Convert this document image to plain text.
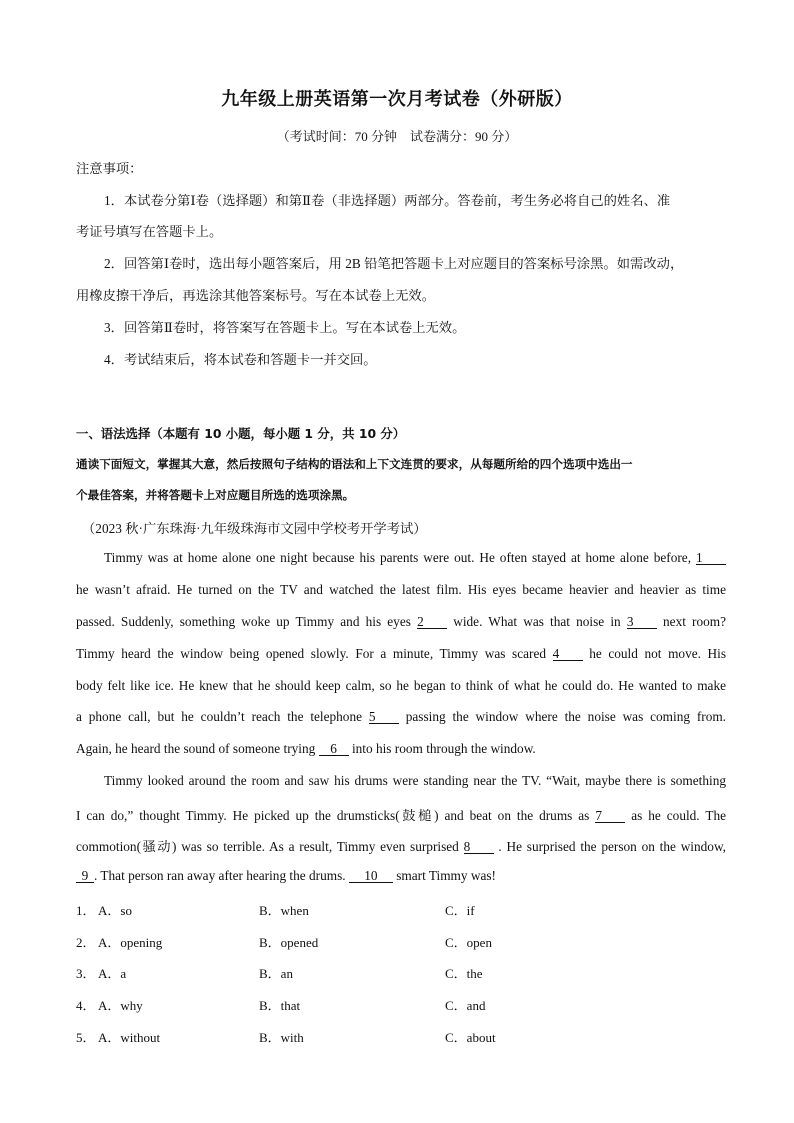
九年级上册英语第一次月考试卷（外研版）
（考试时间：70 分钟　试卷满分：90 分）
注意事项：
1．本试卷分第Ⅰ卷（选择题）和第Ⅱ卷（非选择题）两部分。答卷前，考生务必将自己的姓名、准
考证号填写在答题卡上。
2．回答第Ⅰ卷时，选出每小题答案后，用 2B 铅笔把答题卡上对应题目的答案标号涂黑。如需改动，
用橡皮擦干净后，再选涂其他答案标号。写在本试卷上无效。
3．回答第Ⅱ卷时，将答案写在答题卡上。写在本试卷上无效。
4．考试结束后，将本试卷和答题卡一并交回。
一、语法选择（本题有 10 小题，每小题 1 分，共 10 分）
通读下面短文，掌握其大意，然后按照句子结构的语法和上下文连贯的要求，从每题所给的四个选项中选出一
个最佳答案，并将答题卡上对应题目所选的选项涂黑。
（2023 秋·广东珠海·九年级珠海市文园中学校考开学考试）
Timmy was at home alone one night because his parents were out. He often stayed at home alone before, 1
he wasn’t afraid. He turned on the TV and watched the latest film. His eyes became heavier and heavier as time
passed. Suddenly, something woke up Timmy and his eyes 2 wide. What was that noise in 3 next room?
Timmy heard the window being opened slowly. For a minute, Timmy was scared 4 he could not move. His
body felt like ice. He knew that he should keep calm, so he began to think of what he could do. He wanted to make
a phone call, but he couldn’t reach the telephone 5 passing the window where the noise was coming from.
Again, he heard the sound of someone trying 6 into his room through the window.
Timmy looked around the room and saw his drums were standing near the TV. “Wait, maybe there is something
I can do,” thought Timmy. He picked up the drumsticks(鼓槌) and beat on the drums as 7 as he could. The
commotion(骚动) was so terrible. As a result, Timmy even surprised 8 . He surprised the person on the window,
9 . That person ran away after hearing the drums. 10 smart Timmy was!
1． A．so	B．when	C．if
2． A．opening	B．opened	C．open
3． A．a	B．an	C．the
4． A．why	B．that	C．and
5． A．without	B．with	C．about
